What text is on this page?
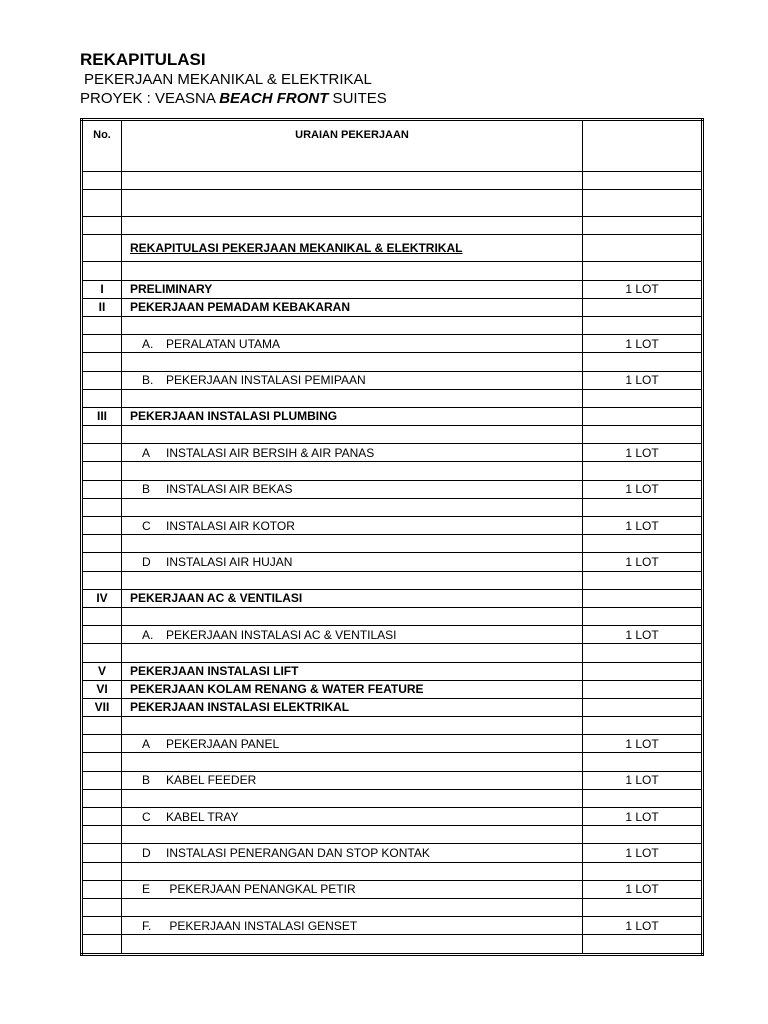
REKAPITULASI
PEKERJAAN MEKANIKAL & ELEKTRIKAL
PROYEK : VEASNA BEACH FRONT SUITES
No.	URAIAN PEKERJAAN	

	REKAPITULASI PEKERJAAN MEKANIKAL & ELEKTRIKAL	

I	PRELIMINARY	1 LOT
II	PEKERJAAN PEMADAM KEBAKARAN	

	A. PERALATAN UTAMA	1 LOT

	B. PEKERJAAN INSTALASI PEMIPAAN	1 LOT

III	PEKERJAAN INSTALASI PLUMBING	

	A INSTALASI AIR BERSIH & AIR PANAS	1 LOT

	B INSTALASI AIR BEKAS	1 LOT

	C INSTALASI AIR KOTOR	1 LOT

	D INSTALASI AIR HUJAN	1 LOT

IV	PEKERJAAN AC & VENTILASI	

	A. PEKERJAAN INSTALASI AC & VENTILASI	1 LOT

V	PEKERJAAN INSTALASI LIFT	
VI	PEKERJAAN KOLAM RENANG & WATER FEATURE	
VII	PEKERJAAN INSTALASI ELEKTRIKAL	

	A PEKERJAAN PANEL	1 LOT

	B KABEL FEEDER	1 LOT

	C KABEL TRAY	1 LOT

	D INSTALASI PENERANGAN DAN STOP KONTAK	1 LOT

	E PEKERJAAN PENANGKAL PETIR	1 LOT

	F. PEKERJAAN INSTALASI GENSET	1 LOT
